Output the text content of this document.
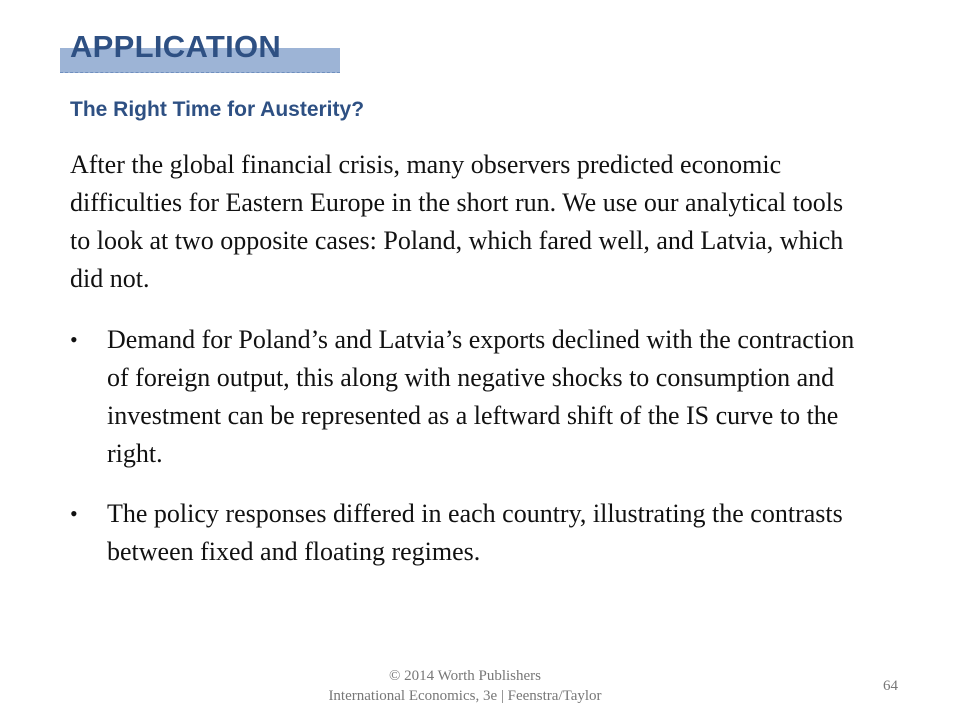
APPLICATION
The Right Time for Austerity?

After the global financial crisis, many observers predicted economic difficulties for Eastern Europe in the short run. We use our analytical tools to look at two opposite cases: Poland, which fared well, and Latvia, which did not.

• Demand for Poland’s and Latvia’s exports declined with the contraction of foreign output, this along with negative shocks to consumption and investment can be represented as a leftward shift of the IS curve to the right.
• The policy responses differed in each country, illustrating the contrasts between fixed and floating regimes.
© 2014 Worth Publishers
International Economics, 3e | Feenstra/Taylor
64
